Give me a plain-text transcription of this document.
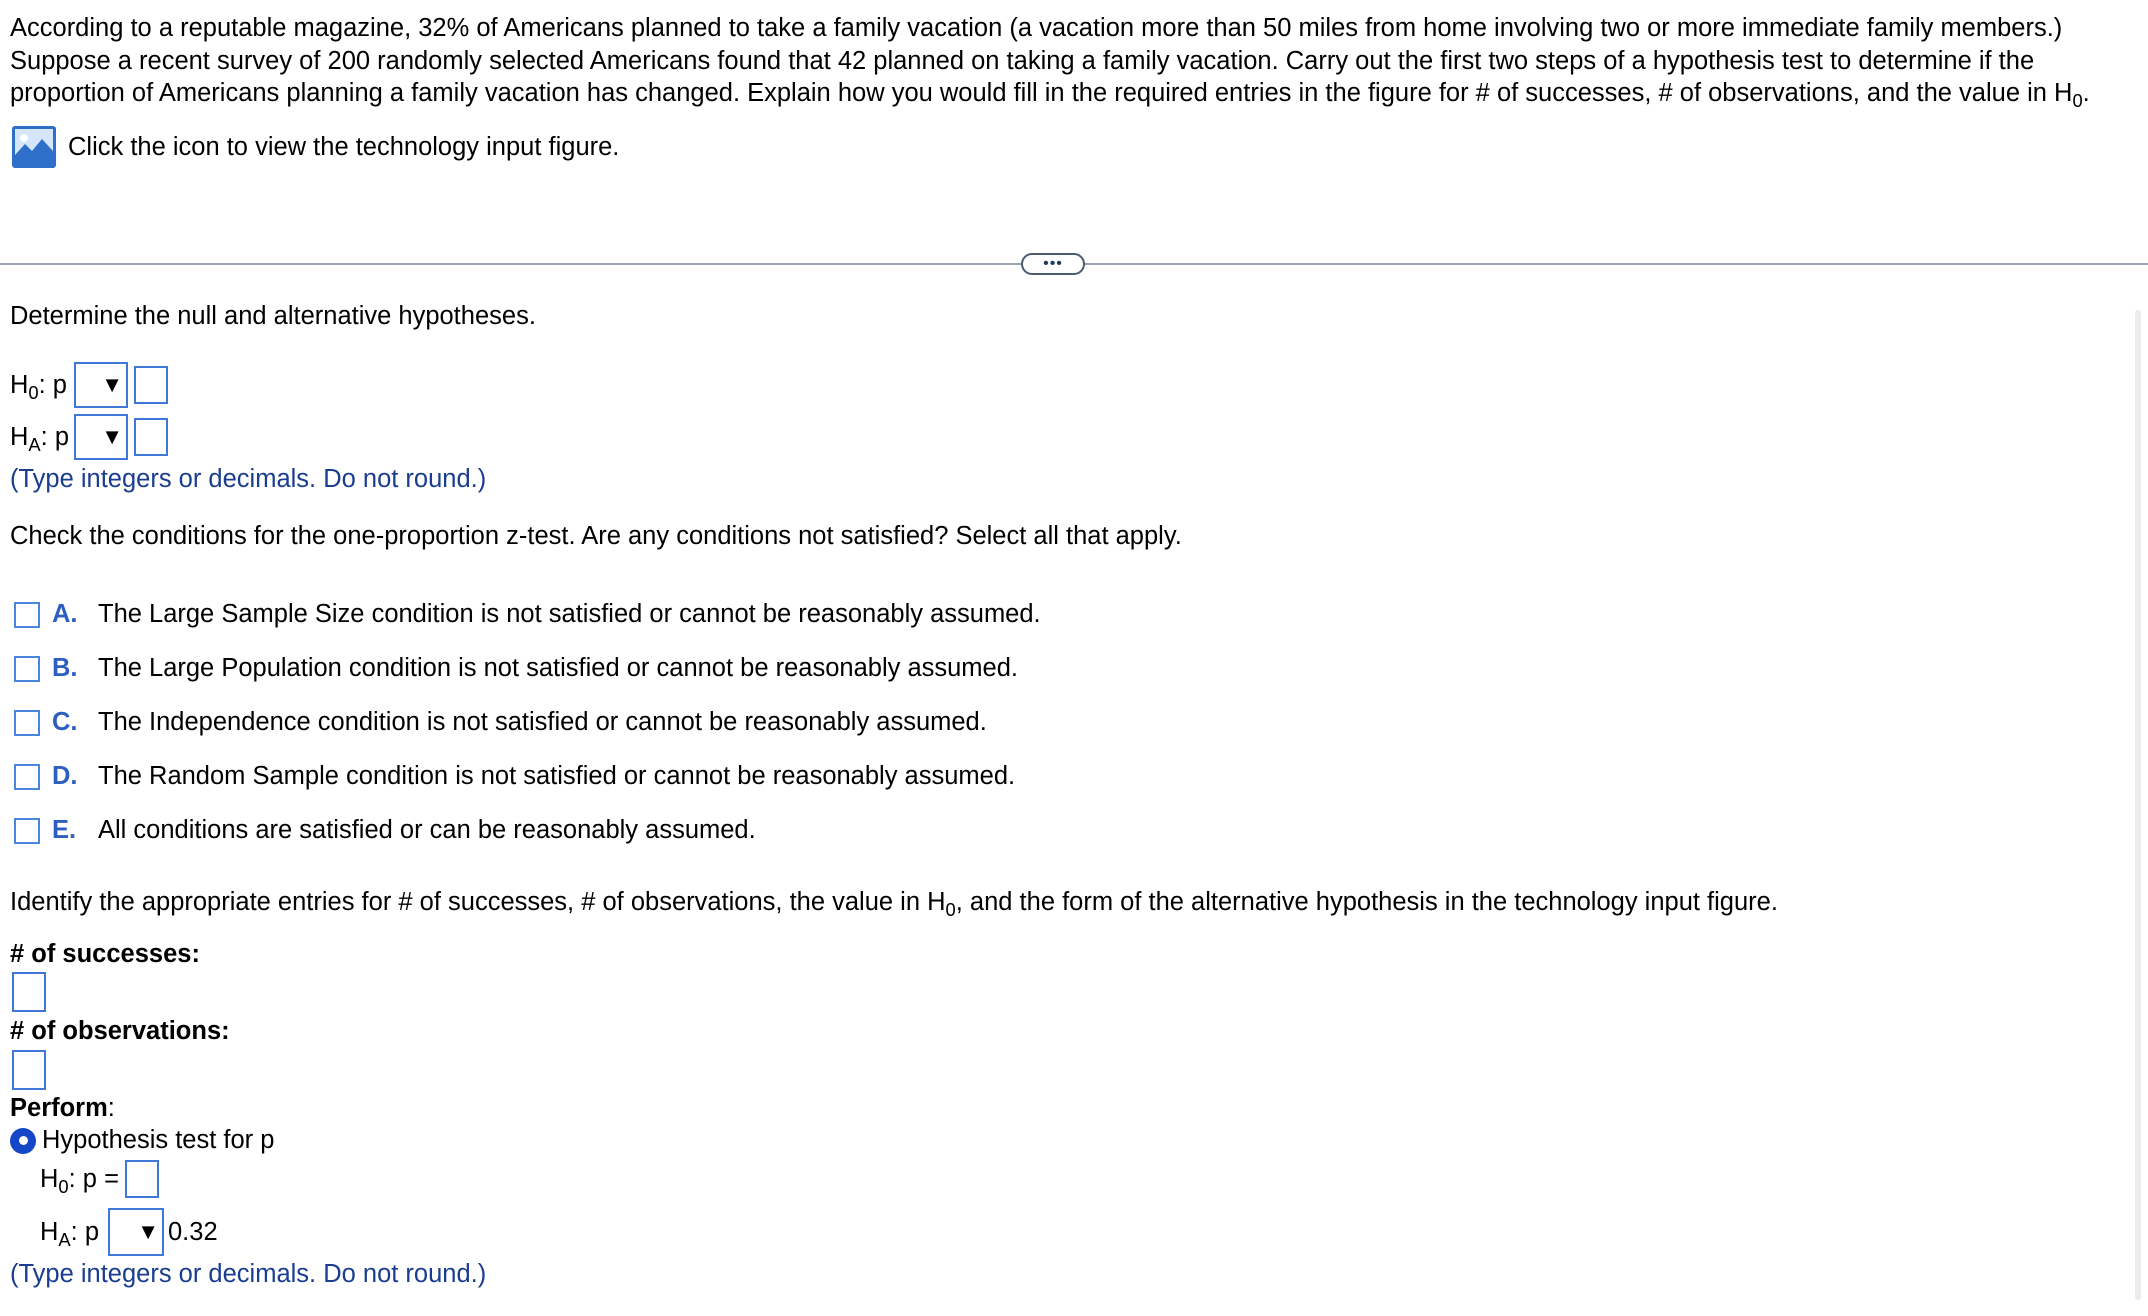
According to a reputable magazine, 32% of Americans planned to take a family vacation (a vacation more than 50 miles from home involving two or more immediate family members.)

Suppose a recent survey of 200 randomly selected Americans found that 42 planned on taking a family vacation. Carry out the first two steps of a hypothesis test to determine if the

proportion of Americans planning a family vacation has changed. Explain how you would fill in the required entries in the figure for # of successes, # of observations, and the value in $H_0$.

Click the icon to view the technology input figure.
•••
Determine the null and alternative hypotheses.
$H_0$: p	▼
$H_A$: p ▼
(Type integers or decimals. Do not round.)
Check the conditions for the one-proportion z-test. Are any conditions not satisfied? Select all that apply.
A. The Large Sample Size condition is not satisfied or cannot be reasonably assumed.
B. The Large Population condition is not satisfied or cannot be reasonably assumed.
C. The Independence condition is not satisfied or cannot be reasonably assumed.
D. The Random Sample condition is not satisfied or cannot be reasonably assumed.
E. All conditions are satisfied or can be reasonably assumed.
Identify the appropriate entries for # of successes, # of observations, the value in $H_0$, and the form of the alternative hypothesis in the technology input figure.
# of successes:
# of observations:
Perform:
Hypothesis test for p
$H_0$: p =
$H_A$: p	▼ 0.32
(Type integers or decimals. Do not round.)
